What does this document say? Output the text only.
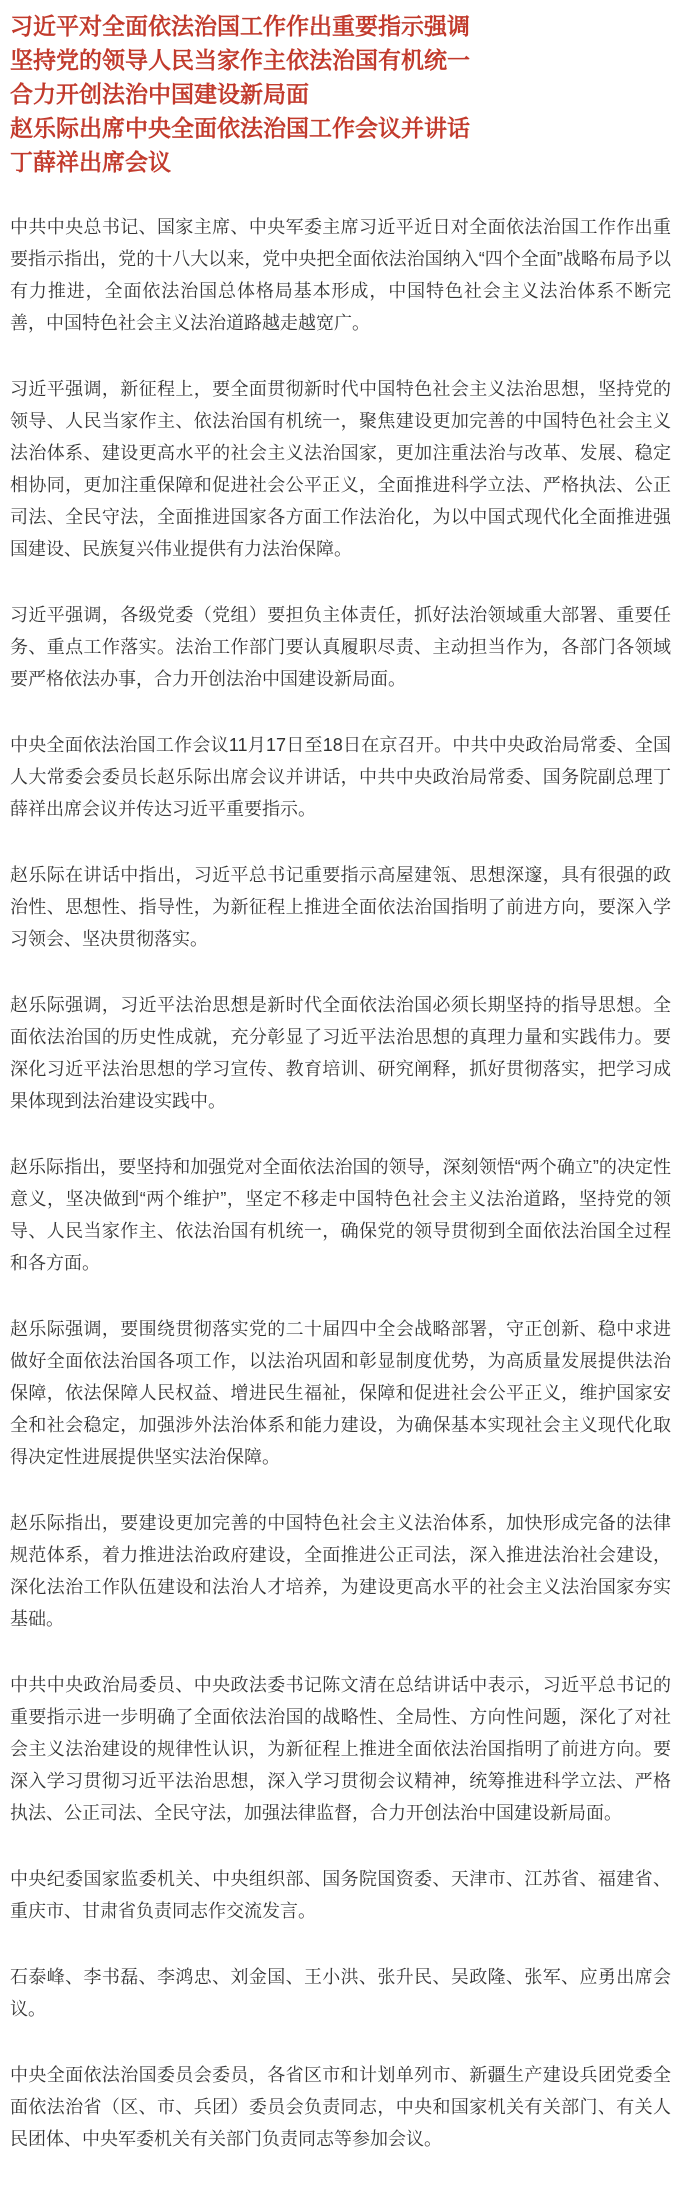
习近平对全面依法治国工作作出重要指示强调
坚持党的领导人民当家作主依法治国有机统一
合力开创法治中国建设新局面
赵乐际出席中央全面依法治国工作会议并讲话
丁薛祥出席会议

中共中央总书记、国家主席、中央军委主席习近平近日对全面依法治国工作作出重要指示指出，党的十八大以来，党中央把全面依法治国纳入“四个全面”战略布局予以有力推进，全面依法治国总体格局基本形成，中国特色社会主义法治体系不断完善，中国特色社会主义法治道路越走越宽广。

习近平强调，新征程上，要全面贯彻新时代中国特色社会主义法治思想，坚持党的领导、人民当家作主、依法治国有机统一，聚焦建设更加完善的中国特色社会主义法治体系、建设更高水平的社会主义法治国家，更加注重法治与改革、发展、稳定相协同，更加注重保障和促进社会公平正义，全面推进科学立法、严格执法、公正司法、全民守法，全面推进国家各方面工作法治化，为以中国式现代化全面推进强国建设、民族复兴伟业提供有力法治保障。

习近平强调，各级党委（党组）要担负主体责任，抓好法治领域重大部署、重要任务、重点工作落实。法治工作部门要认真履职尽责、主动担当作为，各部门各领域要严格依法办事，合力开创法治中国建设新局面。

中央全面依法治国工作会议11月17日至18日在京召开。中共中央政治局常委、全国人大常委会委员长赵乐际出席会议并讲话，中共中央政治局常委、国务院副总理丁薛祥出席会议并传达习近平重要指示。

赵乐际在讲话中指出，习近平总书记重要指示高屋建瓴、思想深邃，具有很强的政治性、思想性、指导性，为新征程上推进全面依法治国指明了前进方向，要深入学习领会、坚决贯彻落实。

赵乐际强调，习近平法治思想是新时代全面依法治国必须长期坚持的指导思想。全面依法治国的历史性成就，充分彰显了习近平法治思想的真理力量和实践伟力。要深化习近平法治思想的学习宣传、教育培训、研究阐释，抓好贯彻落实，把学习成果体现到法治建设实践中。

赵乐际指出，要坚持和加强党对全面依法治国的领导，深刻领悟“两个确立”的决定性意义，坚决做到“两个维护”，坚定不移走中国特色社会主义法治道路，坚持党的领导、人民当家作主、依法治国有机统一，确保党的领导贯彻到全面依法治国全过程和各方面。

赵乐际强调，要围绕贯彻落实党的二十届四中全会战略部署，守正创新、稳中求进做好全面依法治国各项工作，以法治巩固和彰显制度优势，为高质量发展提供法治保障，依法保障人民权益、增进民生福祉，保障和促进社会公平正义，维护国家安全和社会稳定，加强涉外法治体系和能力建设，为确保基本实现社会主义现代化取得决定性进展提供坚实法治保障。

赵乐际指出，要建设更加完善的中国特色社会主义法治体系，加快形成完备的法律规范体系，着力推进法治政府建设，全面推进公正司法，深入推进法治社会建设，深化法治工作队伍建设和法治人才培养，为建设更高水平的社会主义法治国家夯实基础。

中共中央政治局委员、中央政法委书记陈文清在总结讲话中表示，习近平总书记的重要指示进一步明确了全面依法治国的战略性、全局性、方向性问题，深化了对社会主义法治建设的规律性认识，为新征程上推进全面依法治国指明了前进方向。要深入学习贯彻习近平法治思想，深入学习贯彻会议精神，统筹推进科学立法、严格执法、公正司法、全民守法，加强法律监督，合力开创法治中国建设新局面。

中央纪委国家监委机关、中央组织部、国务院国资委、天津市、江苏省、福建省、重庆市、甘肃省负责同志作交流发言。

石泰峰、李书磊、李鸿忠、刘金国、王小洪、张升民、吴政隆、张军、应勇出席会议。

中央全面依法治国委员会委员，各省区市和计划单列市、新疆生产建设兵团党委全面依法治省（区、市、兵团）委员会负责同志，中央和国家机关有关部门、有关人民团体、中央军委机关有关部门负责同志等参加会议。
